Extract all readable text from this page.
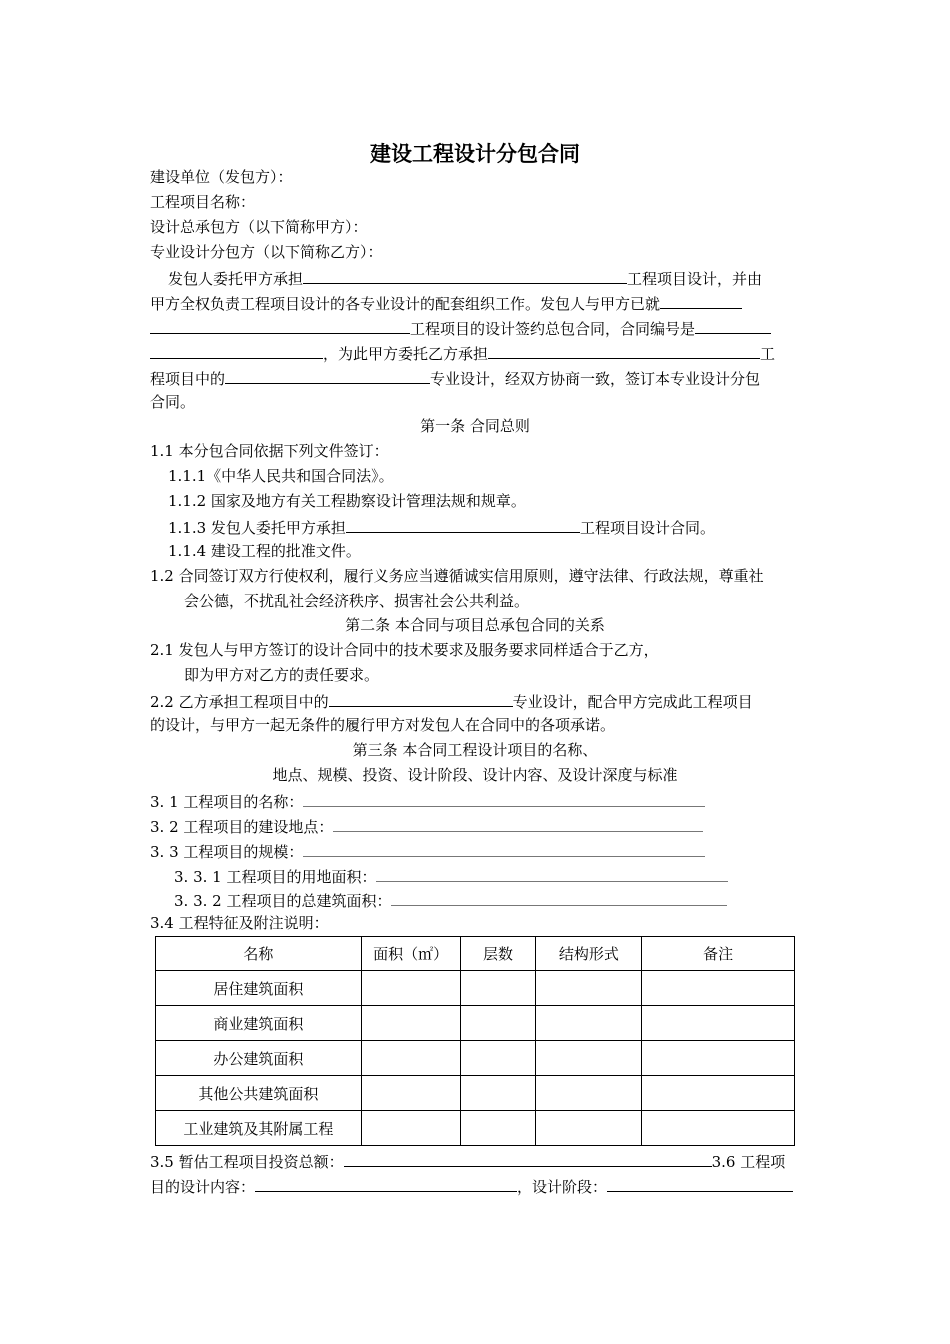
建设工程设计分包合同
建设单位（发包方）：
工程项目名称：
设计总承包方（以下简称甲方）：
专业设计分包方（以下简称乙方）：
发包人委托甲方承担	工程项目设计，并由
甲方全权负责工程项目设计的各专业设计的配套组织工作。发包人与甲方已就
工程项目的设计签约总包合同，合同编号是
，为此甲方委托乙方承担	工
程项目中的	专业设计，经双方协商一致，签订本专业设计分包
合同。
第一条 合同总则
1.1 本分包合同依据下列文件签订：
1.1.1《中华人民共和国合同法》。
1.1.2 国家及地方有关工程勘察设计管理法规和规章。
1.1.3 发包人委托甲方承担	工程项目设计合同。
1.1.4 建设工程的批准文件。
1.2 合同签订双方行使权利，履行义务应当遵循诚实信用原则，遵守法律、行政法规，尊重社
会公德，不扰乱社会经济秩序、损害社会公共利益。
第二条 本合同与项目总承包合同的关系
2.1 发包人与甲方签订的设计合同中的技术要求及服务要求同样适合于乙方，
即为甲方对乙方的责任要求。
2.2 乙方承担工程项目中的	专业设计，配合甲方完成此工程项目
的设计，与甲方一起无条件的履行甲方对发包人在合同中的各项承诺。
第三条 本合同工程设计项目的名称、
地点、规模、投资、设计阶段、设计内容、及设计深度与标准
3. 1 工程项目的名称：
3. 2 工程项目的建设地点：
3. 3 工程项目的规模：
3. 3. 1 工程项目的用地面积：
3. 3. 2 工程项目的总建筑面积：
3.4 工程特征及附注说明：
名称	面积（㎡）	层数	结构形式	备注
居住建筑面积				
商业建筑面积				
办公建筑面积				
其他公共建筑面积				
工业建筑及其附属工程				
3.5 暂估工程项目投资总额：	3.6 工程项
目的设计内容：	，设计阶段：
